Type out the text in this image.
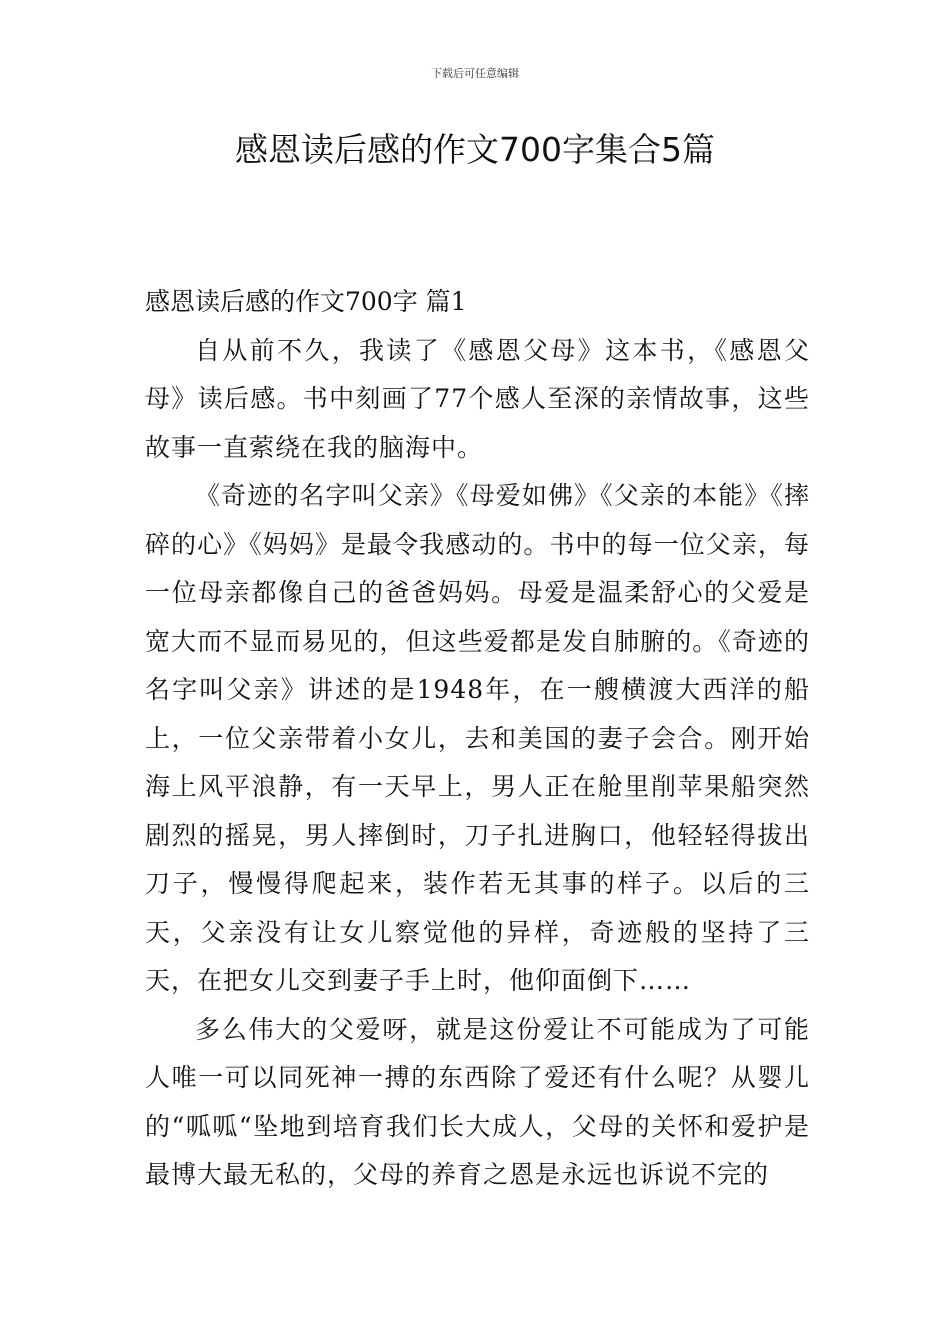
下载后可任意编辑
感恩读后感的作文700字集合5篇

感恩读后感的作文700字 篇1

自从前不久，我读了《感恩父母》这本书，《感恩父母》读后感。书中刻画了77个感人至深的亲情故事，这些故事一直萦绕在我的脑海中。

《奇迹的名字叫父亲》《母爱如佛》《父亲的本能》《摔碎的心》《妈妈》是最令我感动的。书中的每一位父亲，每一位母亲都像自己的爸爸妈妈。母爱是温柔舒心的父爱是宽大而不显而易见的，但这些爱都是发自肺腑的。《奇迹的名字叫父亲》讲述的是1948年，在一艘横渡大西洋的船上，一位父亲带着小女儿，去和美国的妻子会合。刚开始海上风平浪静，有一天早上，男人正在舱里削苹果船突然剧烈的摇晃，男人摔倒时，刀子扎进胸口，他轻轻得拔出刀子，慢慢得爬起来，装作若无其事的样子。以后的三天，父亲没有让女儿察觉他的异样，奇迹般的坚持了三天，在把女儿交到妻子手上时，他仰面倒下……

多么伟大的父爱呀，就是这份爱让不可能成为了可能人唯一可以同死神一搏的东西除了爱还有什么呢？从婴儿的“呱呱“坠地到培育我们长大成人，父母的关怀和爱护是最博大最无私的，父母的养育之恩是永远也诉说不完的
